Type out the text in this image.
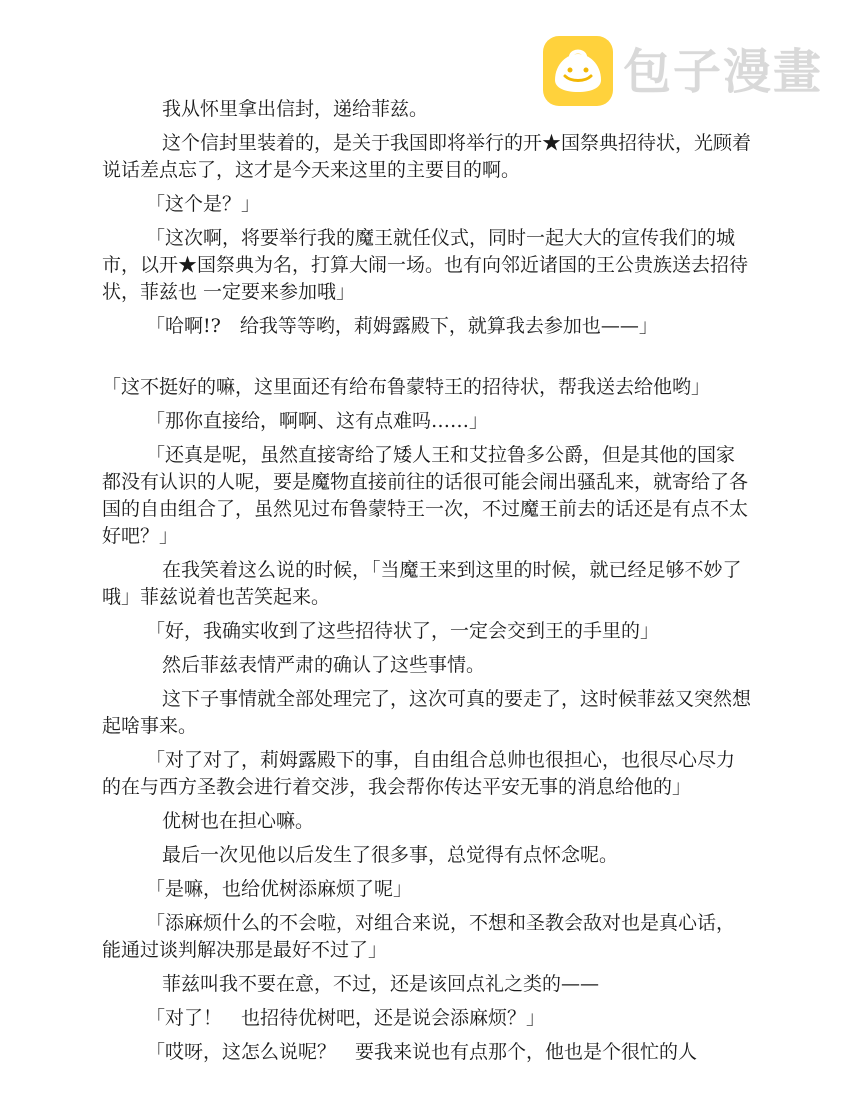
包子漫畫

我从怀里拿出信封，递给菲兹。

这个信封里装着的，是关于我国即将举行的开★国祭典招待状，光顾着说话差点忘了，这才是今天来这里的主要目的啊。

「这个是？」

「这次啊，将要举行我的魔王就任仪式，同时一起大大的宣传我们的城市，以开★国祭典为名，打算大闹一场。也有向邻近诸国的王公贵族送去招待状，菲兹也 一定要来参加哦」

「哈啊!?　给我等等哟，莉姆露殿下，就算我去参加也——」

「这不挺好的嘛，这里面还有给布鲁蒙特王的招待状，帮我送去给他哟」

「那你直接给，啊啊、这有点难吗……」

「还真是呢，虽然直接寄给了矮人王和艾拉鲁多公爵，但是其他的国家都没有认识的人呢，要是魔物直接前往的话很可能会闹出骚乱来，就寄给了各国的自由组合了，虽然见过布鲁蒙特王一次，不过魔王前去的话还是有点不太好吧？」

在我笑着这么说的时候，「当魔王来到这里的时候，就已经足够不妙了哦」菲兹说着也苦笑起来。

「好，我确实收到了这些招待状了，一定会交到王的手里的」

然后菲兹表情严肃的确认了这些事情。

这下子事情就全部处理完了，这次可真的要走了，这时候菲兹又突然想起啥事来。

「对了对了，莉姆露殿下的事，自由组合总帅也很担心，也很尽心尽力的在与西方圣教会进行着交涉，我会帮你传达平安无事的消息给他的」

优树也在担心嘛。

最后一次见他以后发生了很多事，总觉得有点怀念呢。

「是嘛，也给优树添麻烦了呢」

「添麻烦什么的不会啦，对组合来说，不想和圣教会敌对也是真心话，能通过谈判解决那是最好不过了」

菲兹叫我不要在意，不过，还是该回点礼之类的——

「对了！　也招待优树吧，还是说会添麻烦？」

「哎呀，这怎么说呢？　要我来说也有点那个，他也是个很忙的人
